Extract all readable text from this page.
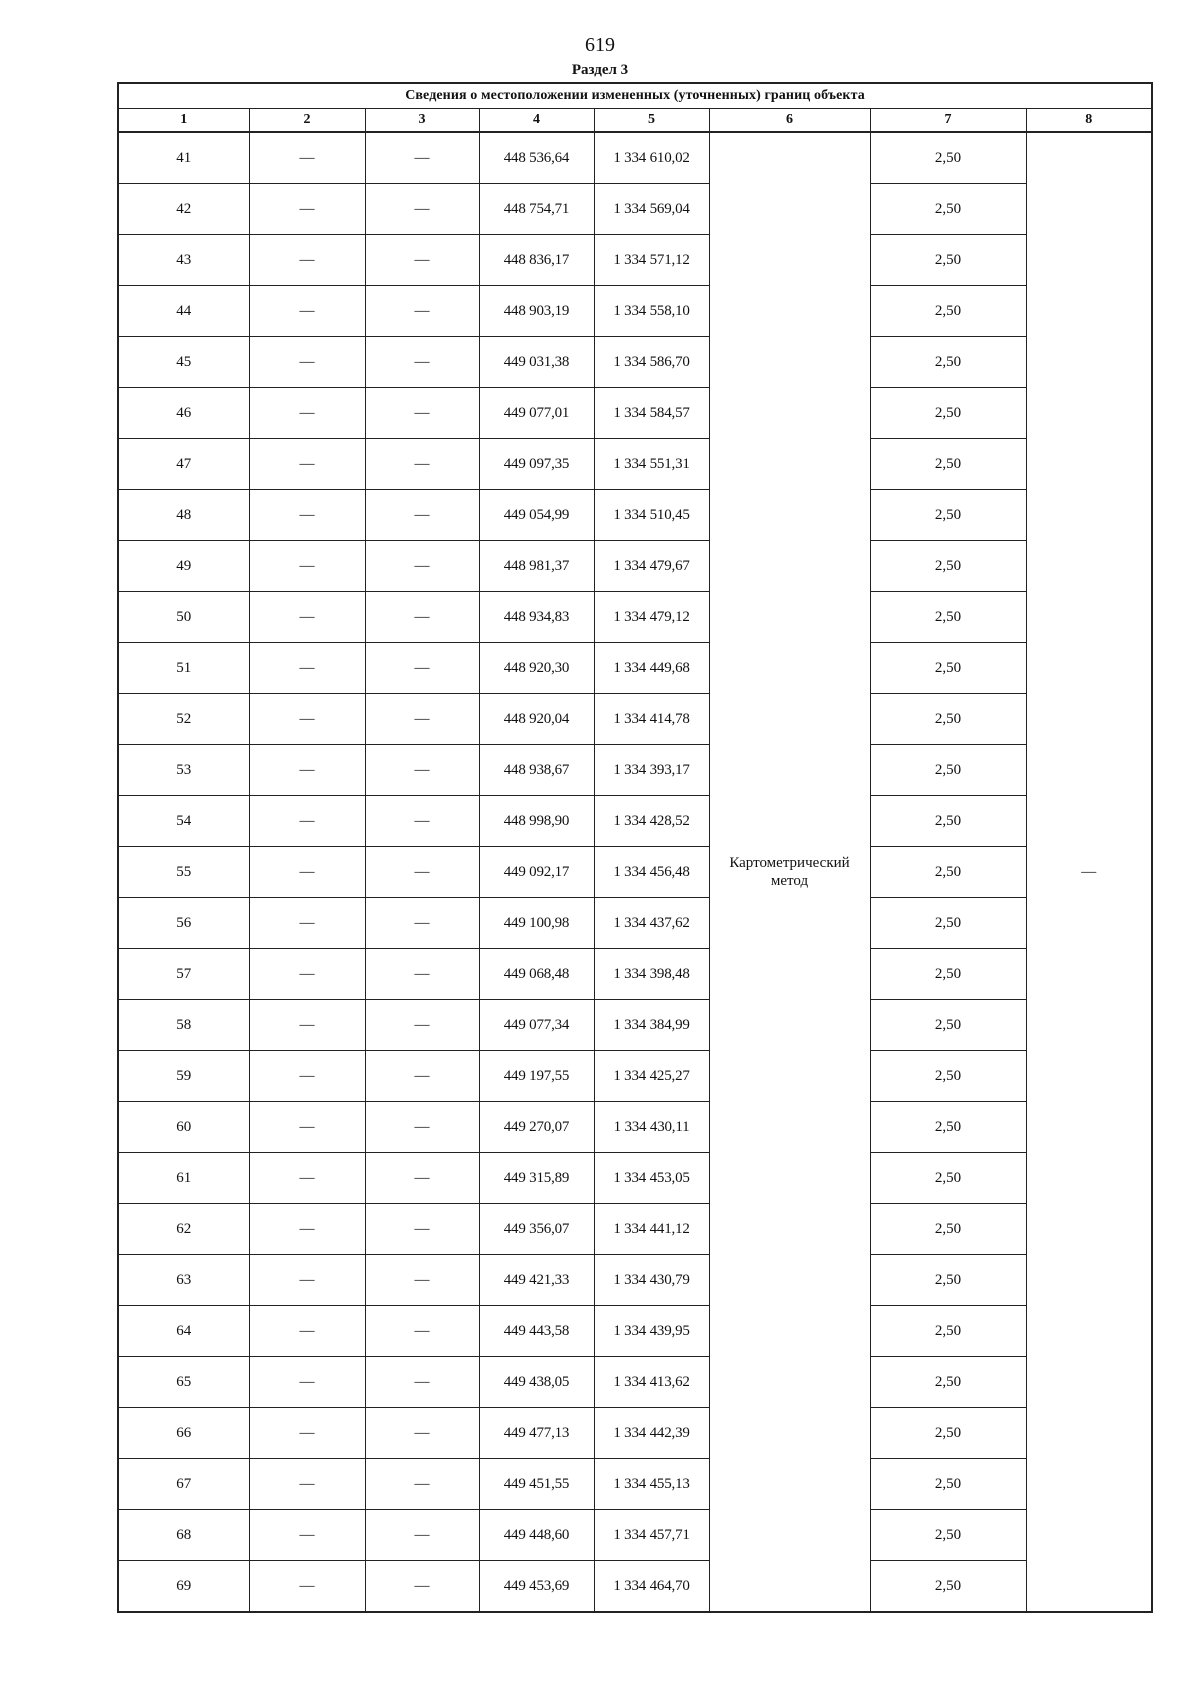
619
Раздел 3
Сведения о местоположении измененных (уточненных) границ объекта							
1	2	3	4	5	6	7	8
41	—	—	448 536,64	1 334 610,02	Картометрический метод	2,50	—
42	—	—	448 754,71	1 334 569,04		2,50	
43	—	—	448 836,17	1 334 571,12		2,50	
44	—	—	448 903,19	1 334 558,10		2,50	
45	—	—	449 031,38	1 334 586,70		2,50	
46	—	—	449 077,01	1 334 584,57		2,50	
47	—	—	449 097,35	1 334 551,31		2,50	
48	—	—	449 054,99	1 334 510,45		2,50	
49	—	—	448 981,37	1 334 479,67		2,50	
50	—	—	448 934,83	1 334 479,12		2,50	
51	—	—	448 920,30	1 334 449,68		2,50	
52	—	—	448 920,04	1 334 414,78		2,50	
53	—	—	448 938,67	1 334 393,17		2,50	
54	—	—	448 998,90	1 334 428,52		2,50	
55	—	—	449 092,17	1 334 456,48		2,50	
56	—	—	449 100,98	1 334 437,62		2,50	
57	—	—	449 068,48	1 334 398,48		2,50	
58	—	—	449 077,34	1 334 384,99		2,50	
59	—	—	449 197,55	1 334 425,27		2,50	
60	—	—	449 270,07	1 334 430,11		2,50	
61	—	—	449 315,89	1 334 453,05		2,50	
62	—	—	449 356,07	1 334 441,12		2,50	
63	—	—	449 421,33	1 334 430,79		2,50	
64	—	—	449 443,58	1 334 439,95		2,50	
65	—	—	449 438,05	1 334 413,62		2,50	
66	—	—	449 477,13	1 334 442,39		2,50	
67	—	—	449 451,55	1 334 455,13		2,50	
68	—	—	449 448,60	1 334 457,71		2,50	
69	—	—	449 453,69	1 334 464,70		2,50	
